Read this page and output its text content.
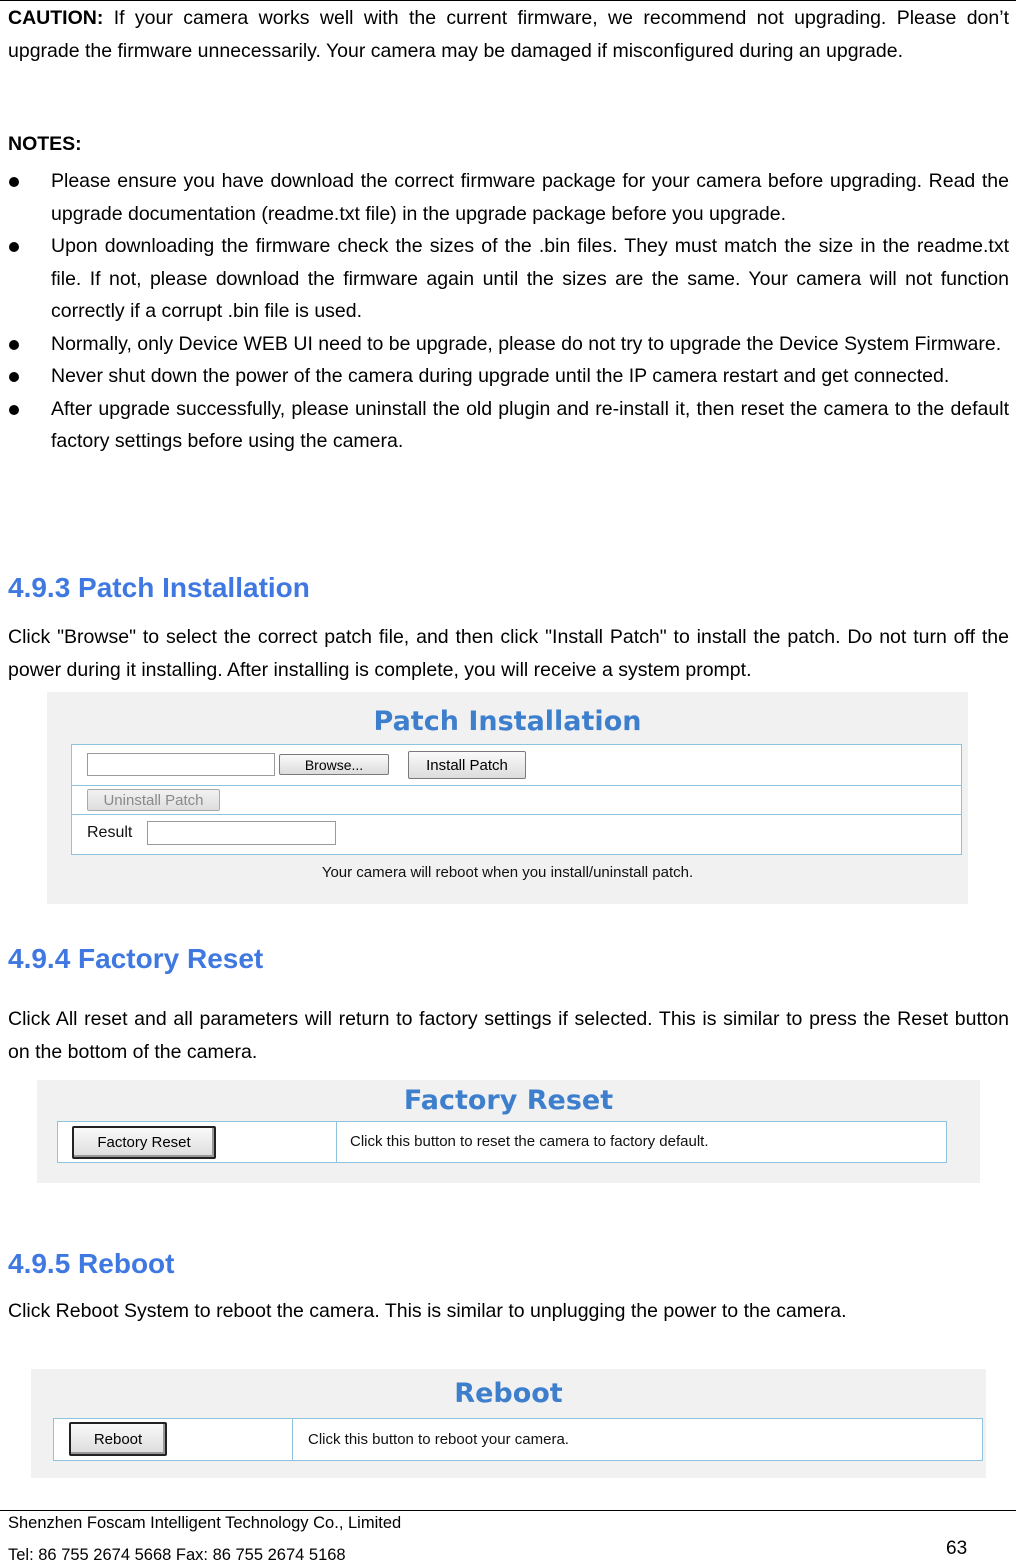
CAUTION: If your camera works well with the current firmware, we recommend not upgrading. Please don’t upgrade the firmware unnecessarily. Your camera may be damaged if misconfigured during an upgrade.

NOTES:
Please ensure you have download the correct firmware package for your camera before upgrading. Read the upgrade documentation (readme.txt file) in the upgrade package before you upgrade.
Upon downloading the firmware check the sizes of the .bin files. They must match the size in the readme.txt file. If not, please download the firmware again until the sizes are the same. Your camera will not function correctly if a corrupt .bin file is used.
Normally, only Device WEB UI need to be upgrade, please do not try to upgrade the Device System Firmware.
Never shut down the power of the camera during upgrade until the IP camera restart and get connected.
After upgrade successfully, please uninstall the old plugin and re-install it, then reset the camera to the default factory settings before using the camera.
4.9.3 Patch Installation

Click "Browse" to select the correct patch file, and then click "Install Patch" to install the patch. Do not turn off the power during it installing. After installing is complete, you will receive a system prompt.

Patch Installation
Browse...	Install Patch
Uninstall Patch
Result
Your camera will reboot when you install/uninstall patch.
4.9.4 Factory Reset

Click All reset and all parameters will return to factory settings if selected. This is similar to press the Reset button on the bottom of the camera.

Factory Reset
Factory Reset	Click this button to reset the camera to factory default.
4.9.5 Reboot

Click Reboot System to reboot the camera. This is similar to unplugging the power to the camera.

Reboot
Reboot	Click this button to reboot your camera.
Shenzhen Foscam Intelligent Technology Co., Limited
Tel: 86 755 2674 5668 Fax: 86 755 2674 5168	63
